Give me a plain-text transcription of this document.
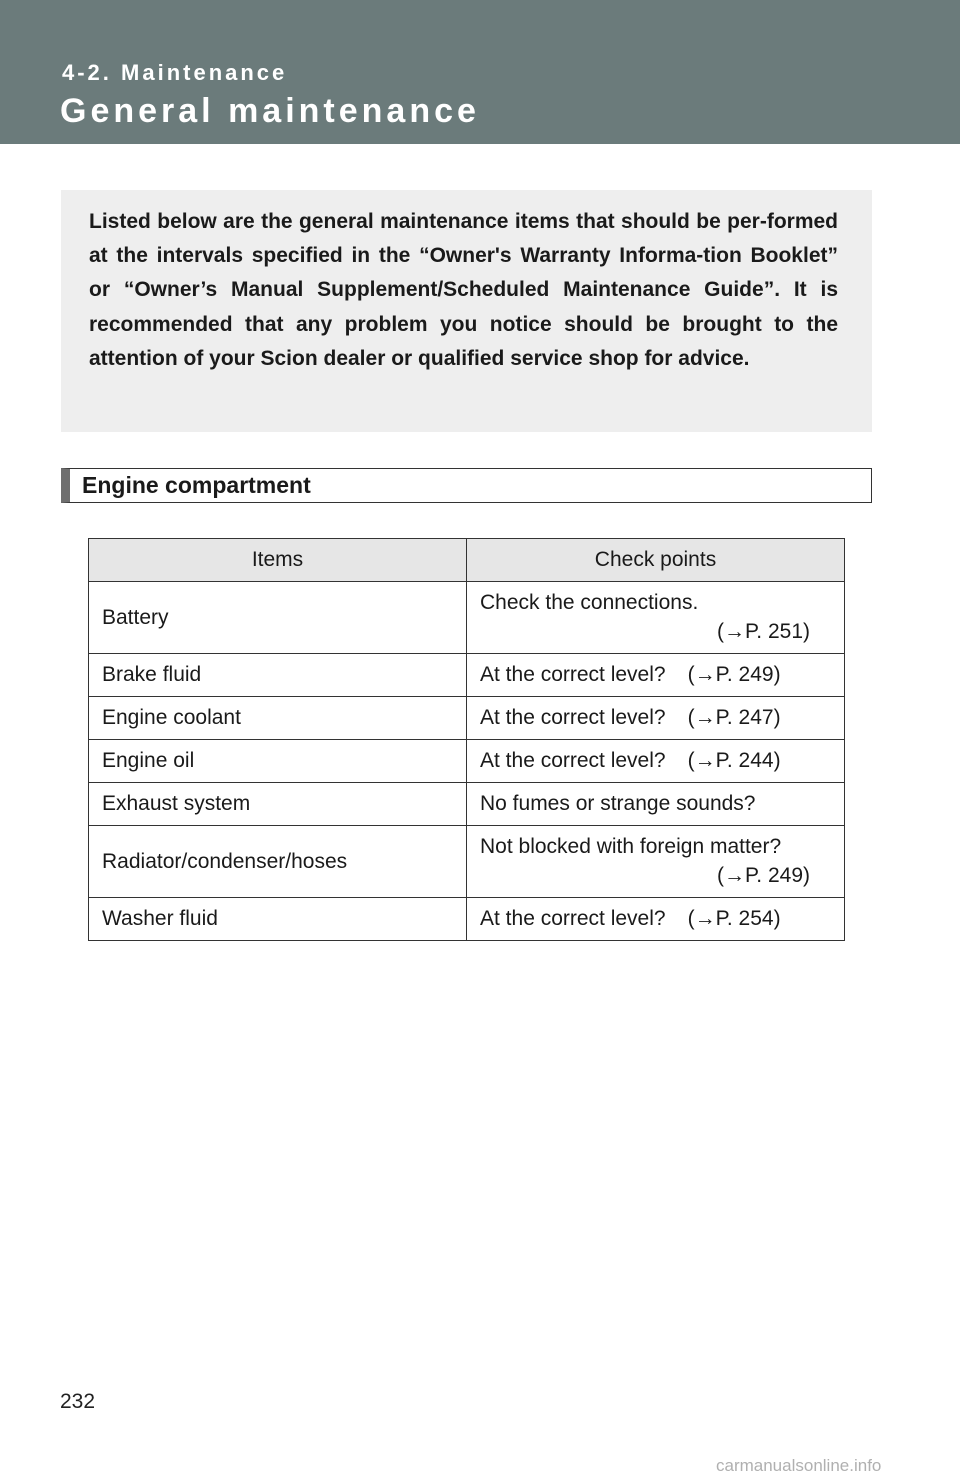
4-2. Maintenance
General maintenance

Listed below are the general maintenance items that should be per-formed at the intervals specified in the “Owner's Warranty Informa-tion Booklet” or “Owner’s Manual Supplement/Scheduled Maintenance Guide”. It is recommended that any problem you notice should be brought to the attention of your Scion dealer or qualified service shop for advice.

Engine compartment
Items	Check points
Battery	Check the connections.
(→P. 251)

Brake fluid	At the correct level? (→P. 249)
Engine coolant	At the correct level? (→P. 247)
Engine oil	At the correct level? (→P. 244)
Exhaust system	No fumes or strange sounds?
Radiator/condenser/hoses	Not blocked with foreign matter?
(→P. 249)

Washer fluid	At the correct level? (→P. 254)
232
carmanualsonline.info
